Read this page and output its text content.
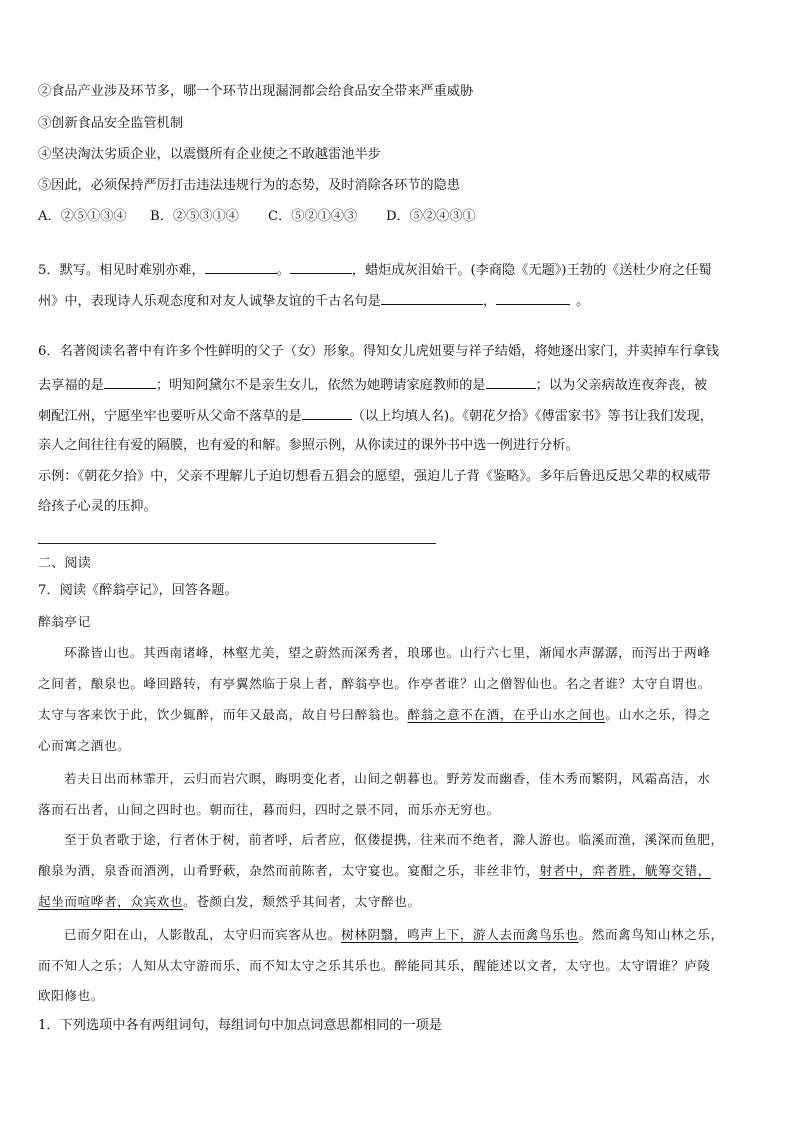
②食品产业涉及环节多，哪一个环节出现漏洞都会给食品安全带来严重威胁

③创新食品安全监管机制

④坚决淘汰劣质企业，以震慑所有企业使之不敢越雷池半步

⑤因此，必须保持严厉打击违法违规行为的态势，及时消除各环节的隐患

A．②⑤①③④ B．②⑤③①④ C．⑤②①④③ D．⑤②④③①

5．默写。相见时难别亦难，	。	，蜡炬成灰泪始干。(李商隐《无题》)王勃的《送杜少府之任蜀

州》中，表现诗人乐观态度和对友人诚挚友谊的千古名句是	，	。

6．名著阅读名著中有许多个性鲜明的父子（女）形象。得知女儿虎妞要与祥子结婚，将她逐出家门，并卖掉车行拿钱

去享福的是	；明知阿黛尔不是亲生女儿，依然为她聘请家庭教师的是	；以为父亲病故连夜奔丧，被

刺配江州，宁愿坐牢也要听从父命不落草的是	（以上均填人名)。《朝花夕拾》《傅雷家书》等书让我们发现，

亲人之间往往有爱的隔膜，也有爱的和解。参照示例，从你读过的课外书中选一例进行分析。

示例：《朝花夕拾》中，父亲不理解儿子迫切想看五猖会的愿望，强迫儿子背《鉴略》。多年后鲁迅反思父辈的权威带

给孩子心灵的压抑。

二、阅读

7．阅读《醉翁亭记》，回答各题。

醉翁亭记

环滁皆山也。其西南诸峰，林壑尤美，望之蔚然而深秀者，琅琊也。山行六七里，渐闻水声潺潺，而泻出于两峰

之间者，酿泉也。峰回路转，有亭翼然临于泉上者，醉翁亭也。作亭者谁？山之僧智仙也。名之者谁？太守自谓也。

太守与客来饮于此，饮少辄醉，而年又最高，故自号曰醉翁也。醉翁之意不在酒，在乎山水之间也。山水之乐，得之

心而寓之酒也。

若夫日出而林霏开，云归而岩穴暝，晦明变化者，山间之朝暮也。野芳发而幽香，佳木秀而繁阴，风霜高洁，水

落而石出者，山间之四时也。朝而往，暮而归，四时之景不同，而乐亦无穷也。

至于负者歌于途，行者休于树，前者呼，后者应，伛偻提携，往来而不绝者，滁人游也。临溪而渔，溪深而鱼肥，

酿泉为酒，泉香而酒洌，山肴野蔌，杂然而前陈者，太守宴也。宴酣之乐，非丝非竹，射者中，弈者胜，觥筹交错，

起坐而喧哗者，众宾欢也。苍颜白发，颓然乎其间者，太守醉也。

已而夕阳在山，人影散乱，太守归而宾客从也。树林阴翳，鸣声上下，游人去而禽鸟乐也。然而禽鸟知山林之乐，

而不知人之乐；人知从太守游而乐，而不知太守之乐其乐也。醉能同其乐，醒能述以文者，太守也。太守谓谁？庐陵

欧阳修也。

1．下列选项中各有两组词句，每组词句中加点词意思都相同的一项是
